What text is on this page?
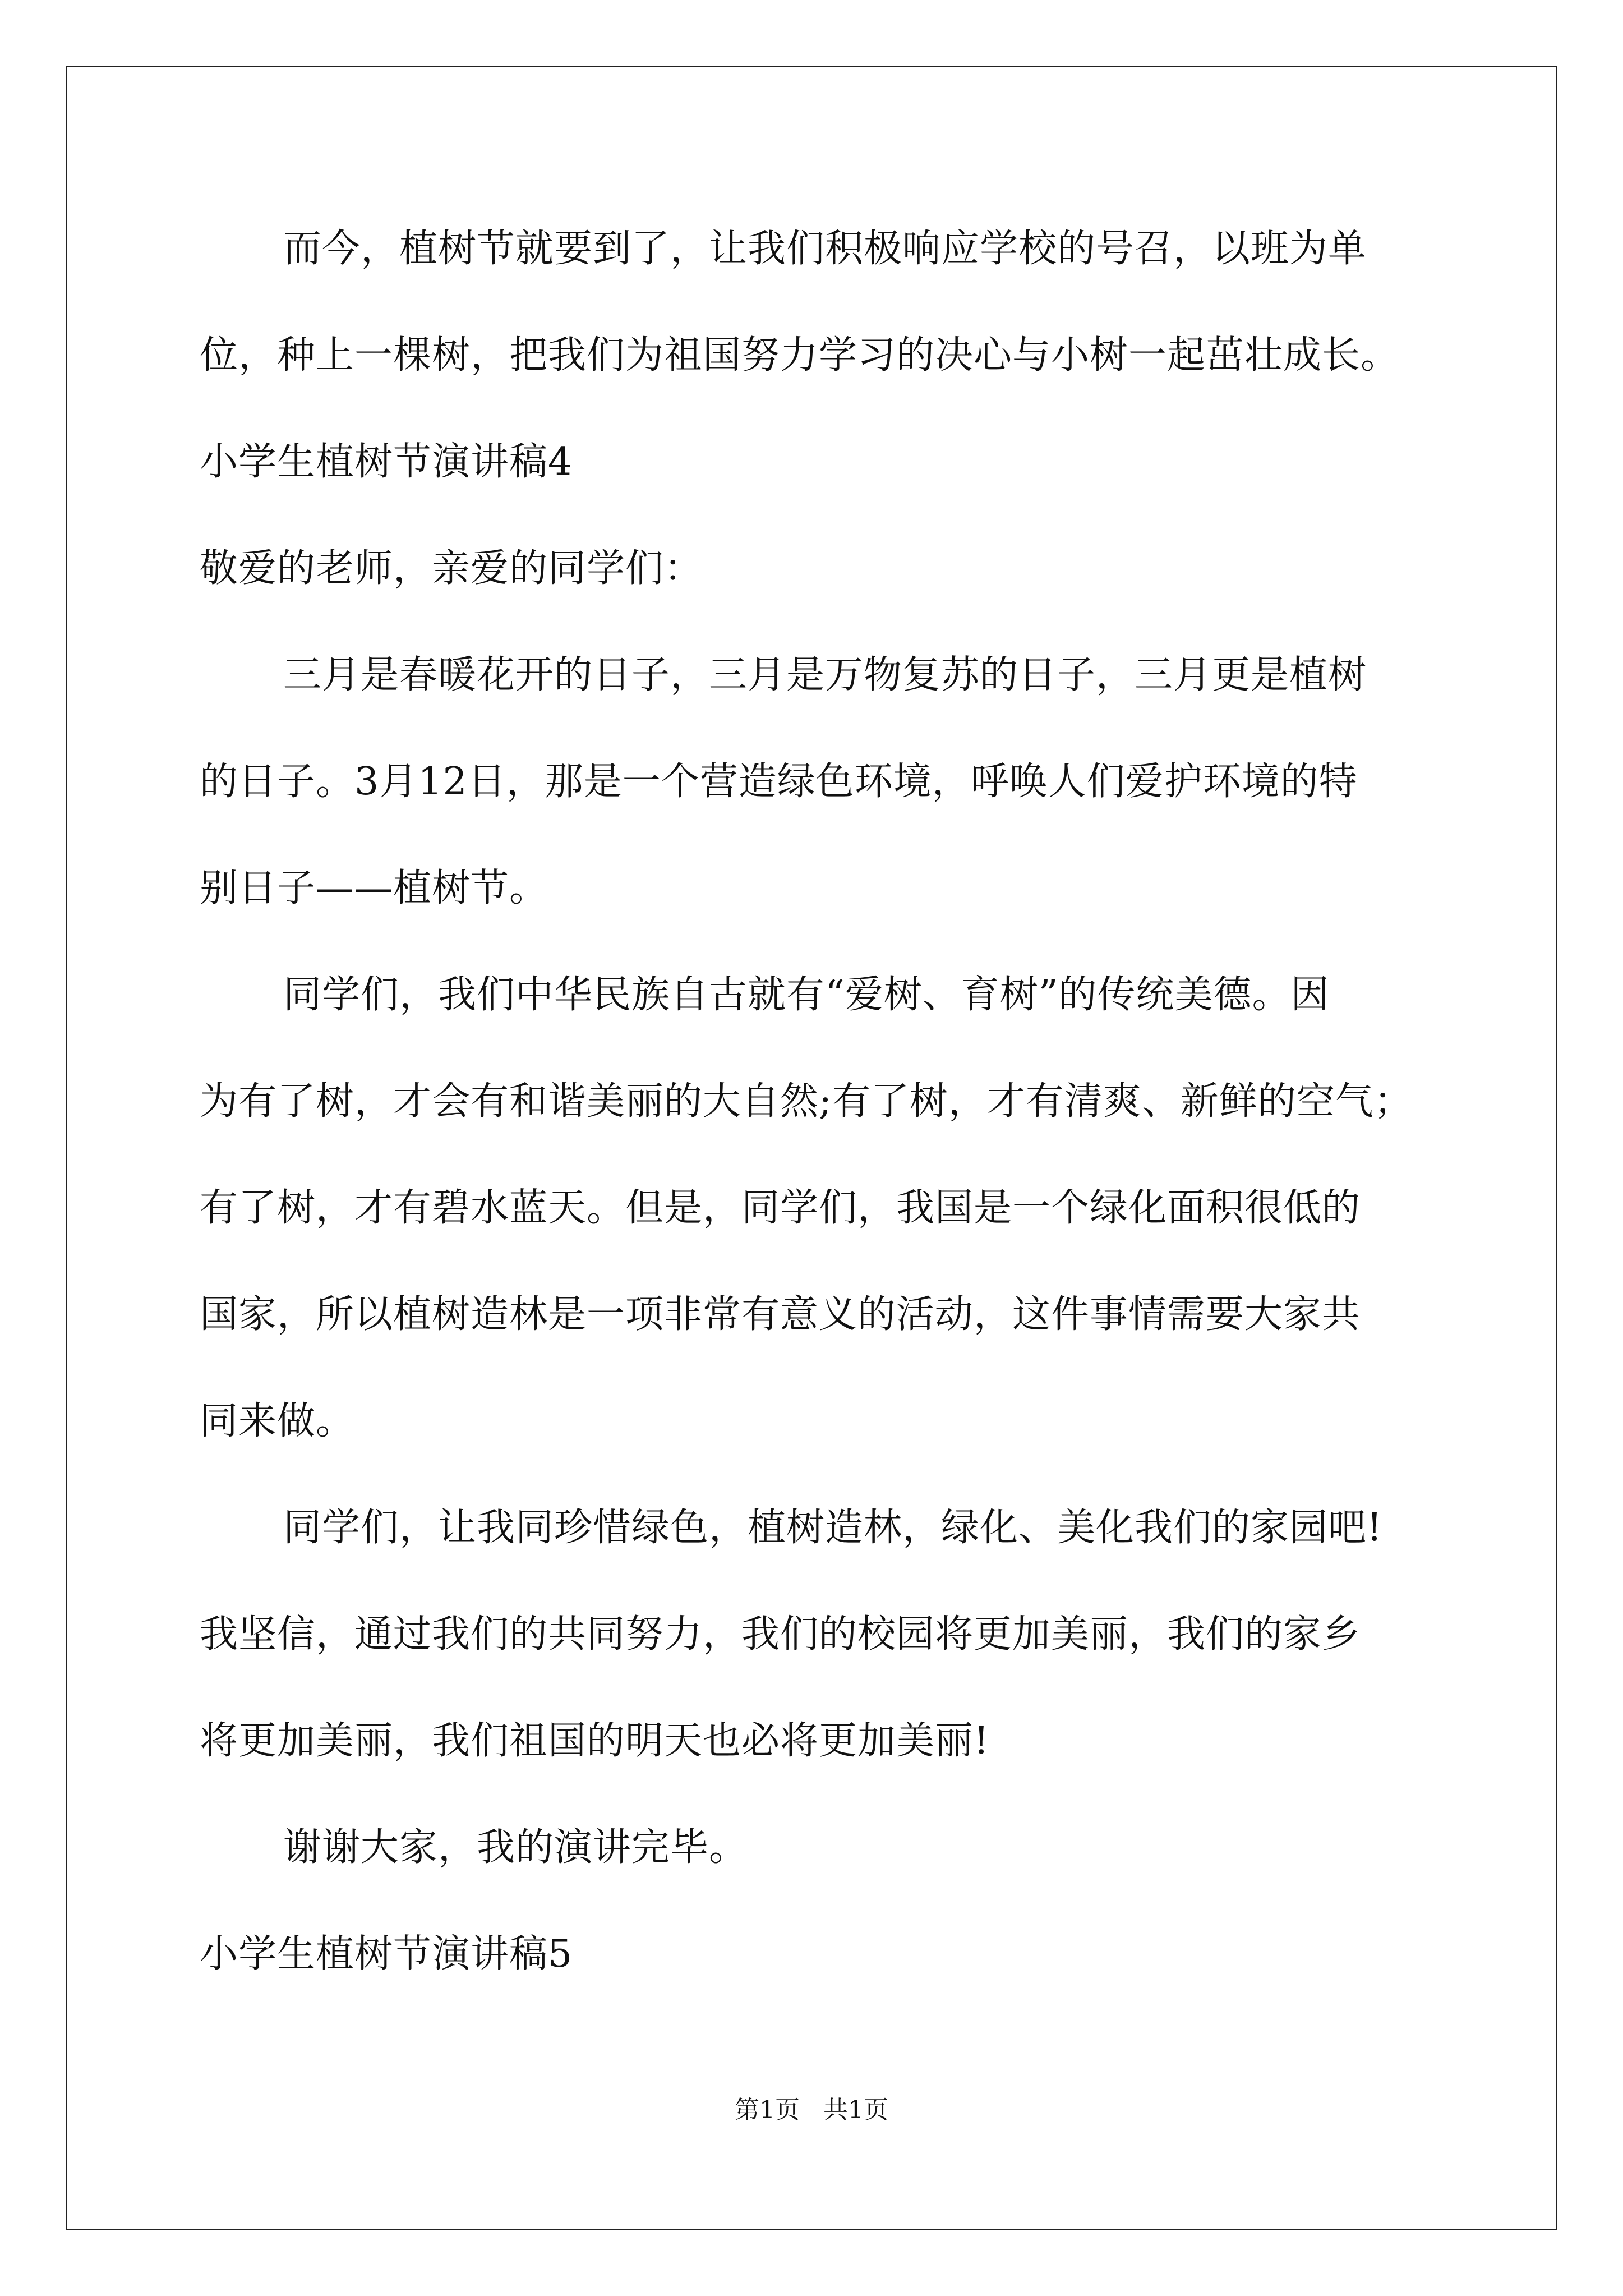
而今，植树节就要到了，让我们积极响应学校的号召，以班为单
位，种上一棵树，把我们为祖国努力学习的决心与小树一起茁壮成长。
小学生植树节演讲稿4
敬爱的老师，亲爱的同学们：
三月是春暖花开的日子，三月是万物复苏的日子，三月更是植树
的日子。3月12日，那是一个营造绿色环境，呼唤人们爱护环境的特
别日子——植树节。
同学们，我们中华民族自古就有“爱树、育树”的传统美德。因
为有了树，才会有和谐美丽的大自然;有了树，才有清爽、新鲜的空气；
有了树，才有碧水蓝天。但是，同学们，我国是一个绿化面积很低的
国家，所以植树造林是一项非常有意义的活动，这件事情需要大家共
同来做。
同学们，让我同珍惜绿色，植树造林，绿化、美化我们的家园吧!
我坚信，通过我们的共同努力，我们的校园将更加美丽，我们的家乡
将更加美丽，我们祖国的明天也必将更加美丽!
谢谢大家，我的演讲完毕。
小学生植树节演讲稿5
第1页   共1页
